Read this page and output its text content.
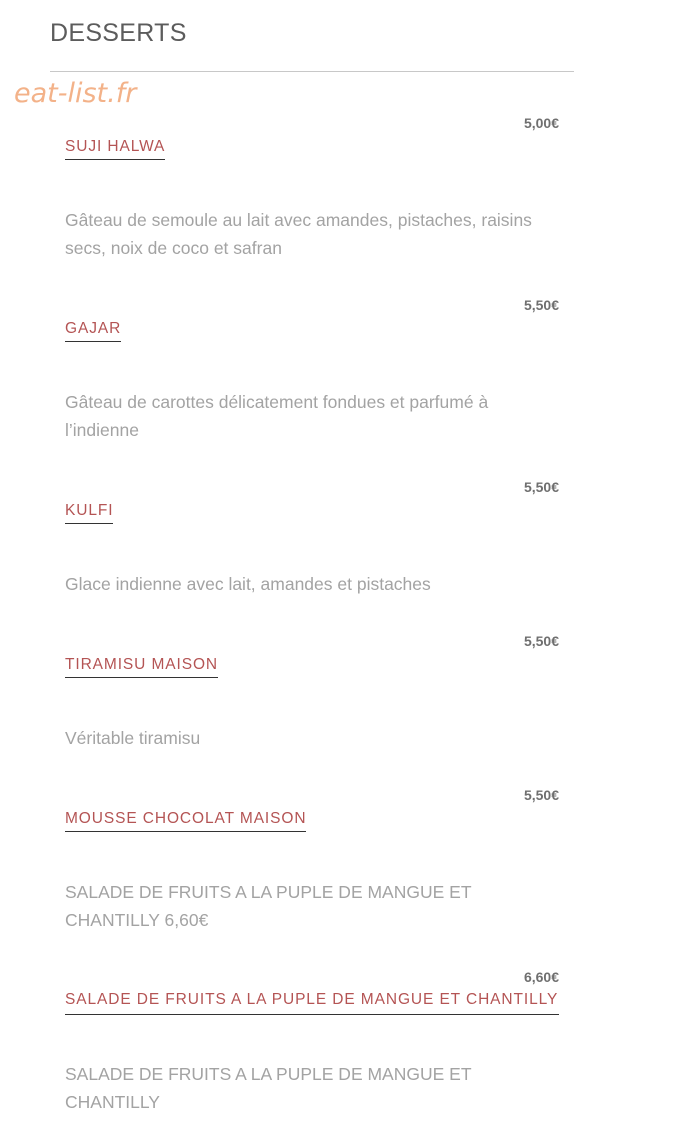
DESSERTS
eat-list.fr
5,00€
SUJI HALWA

Gâteau de semoule au lait avec amandes, pistaches, raisins secs, noix de coco et safran

5,50€
GAJAR

Gâteau de carottes délicatement fondues et parfumé à l’indienne

5,50€
KULFI

Glace indienne avec lait, amandes et pistaches

5,50€
TIRAMISU MAISON

Véritable tiramisu

5,50€
MOUSSE CHOCOLAT MAISON

SALADE DE FRUITS A LA PUPLE DE MANGUE ET CHANTILLY 6,60€

6,60€
SALADE DE FRUITS A LA PUPLE DE MANGUE ET CHANTILLY

SALADE DE FRUITS A LA PUPLE DE MANGUE ET CHANTILLY
